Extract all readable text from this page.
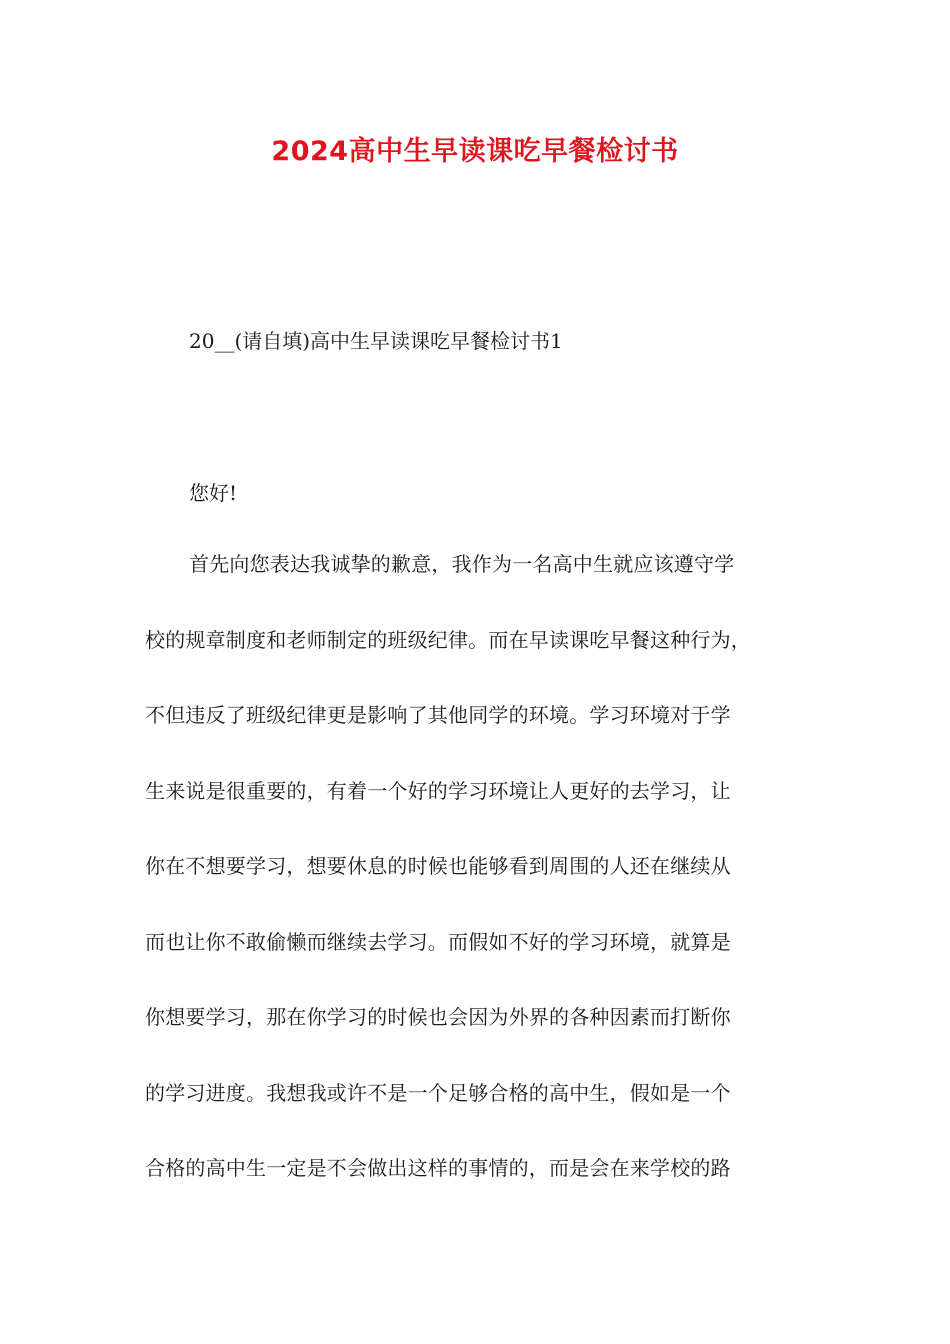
2024高中生早读课吃早餐检讨书

20__(请自填)高中生早读课吃早餐检讨书1

您好!

首先向您表达我诚挚的歉意，我作为一名高中生就应该遵守学
校的规章制度和老师制定的班级纪律。而在早读课吃早餐这种行为，
不但违反了班级纪律更是影响了其他同学的环境。学习环境对于学
生来说是很重要的，有着一个好的学习环境让人更好的去学习，让
你在不想要学习，想要休息的时候也能够看到周围的人还在继续从
而也让你不敢偷懒而继续去学习。而假如不好的学习环境，就算是
你想要学习，那在你学习的时候也会因为外界的各种因素而打断你
的学习进度。我想我或许不是一个足够合格的高中生，假如是一个
合格的高中生一定是不会做出这样的事情的，而是会在来学校的路
